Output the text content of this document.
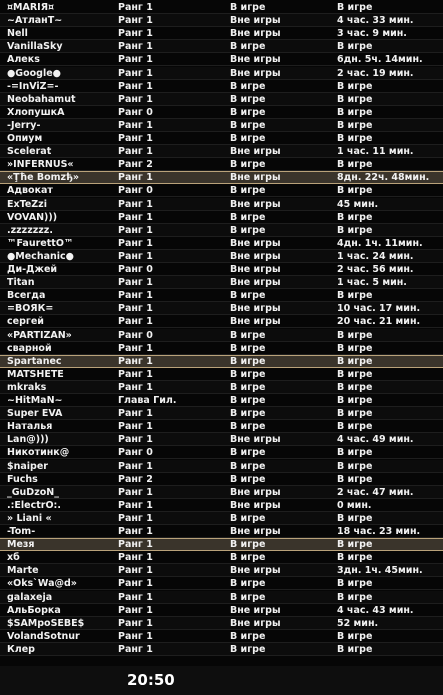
¤MARIЯ¤	Ранг 1	В игре	В игре
~АтланТ~	Ранг 1	Вне игры	4 час. 33 мин.
Nell	Ранг 1	Вне игры	3 час. 9 мин.
VanillaSky	Ранг 1	В игре	В игре
Алекs	Ранг 1	Вне игры	6дн. 5ч. 14мин.
●Google●	Ранг 1	Вне игры	2 час. 19 мин.
-=InViZ=-	Ранг 1	В игре	В игре
Neobahamut	Ранг 1	В игре	В игре
ХлопушкА	Ранг 0	В игре	В игре
-Jerry-	Ранг 1	В игре	В игре
Опиум	Ранг 1	В игре	В игре
Scelerat	Ранг 1	Вне игры	1 час. 11 мин.
»INFERNUS«	Ранг 2	В игре	В игре
«Ţħe Bomzђ»	Ранг 1	Вне игры	8дн. 22ч. 48мин.
Адвокат	Ранг 0	В игре	В игре
ExTeZzi	Ранг 1	Вне игры	45 мин.
VOVAN)))	Ранг 1	В игре	В игре
.zzzzzzz.	Ранг 1	В игре	В игре
™FaurettO™	Ранг 1	Вне игры	4дн. 1ч. 11мин.
●Mechanic●	Ранг 1	Вне игры	1 час. 24 мин.
Ди-Джей	Ранг 0	Вне игры	2 час. 56 мин.
Titan	Ранг 1	Вне игры	1 час. 5 мин.
Всегда	Ранг 1	В игре	В игре
=ВОЯК=	Ранг 1	Вне игры	10 час. 17 мин.
сергей	Ранг 1	Вне игры	20 час. 21 мин.
«PARTIZAN»	Ранг 0	В игре	В игре
сварной	Ранг 1	В игре	В игре
Spartanec	Ранг 1	В игре	В игре
MATSHETE	Ранг 1	В игре	В игре
mkraks	Ранг 1	В игре	В игре
~HitMaN~	Глава Гил.	В игре	В игре
Super EVA	Ранг 1	В игре	В игре
Наталья	Ранг 1	В игре	В игре
Lan@)))	Ранг 1	Вне игры	4 час. 49 мин.
Никотинк@	Ранг 0	В игре	В игре
$naiper	Ранг 1	В игре	В игре
Fuchs	Ранг 2	В игре	В игре
_GuDzoN_	Ранг 1	Вне игры	2 час. 47 мин.
.:ElectrO:.	Ранг 1	Вне игры	0 мин.
» Liani «	Ранг 1	В игре	В игре
-Tom-	Ранг 1	Вне игры	18 час. 23 мин.
Мезя	Ранг 1	В игре	В игре
xб	Ранг 1	В игре	В игре
Marte	Ранг 1	Вне игры	3дн. 1ч. 45мин.
«Oks`Wa@d»	Ранг 1	В игре	В игре
galaxeja	Ранг 1	В игре	В игре
АльБорка	Ранг 1	Вне игры	4 час. 43 мин.
$SAMpoSEBE$	Ранг 1	Вне игры	52 мин.
VolandSotnur	Ранг 1	В игре	В игре
Клер	Ранг 1	В игре	В игре
20:50
